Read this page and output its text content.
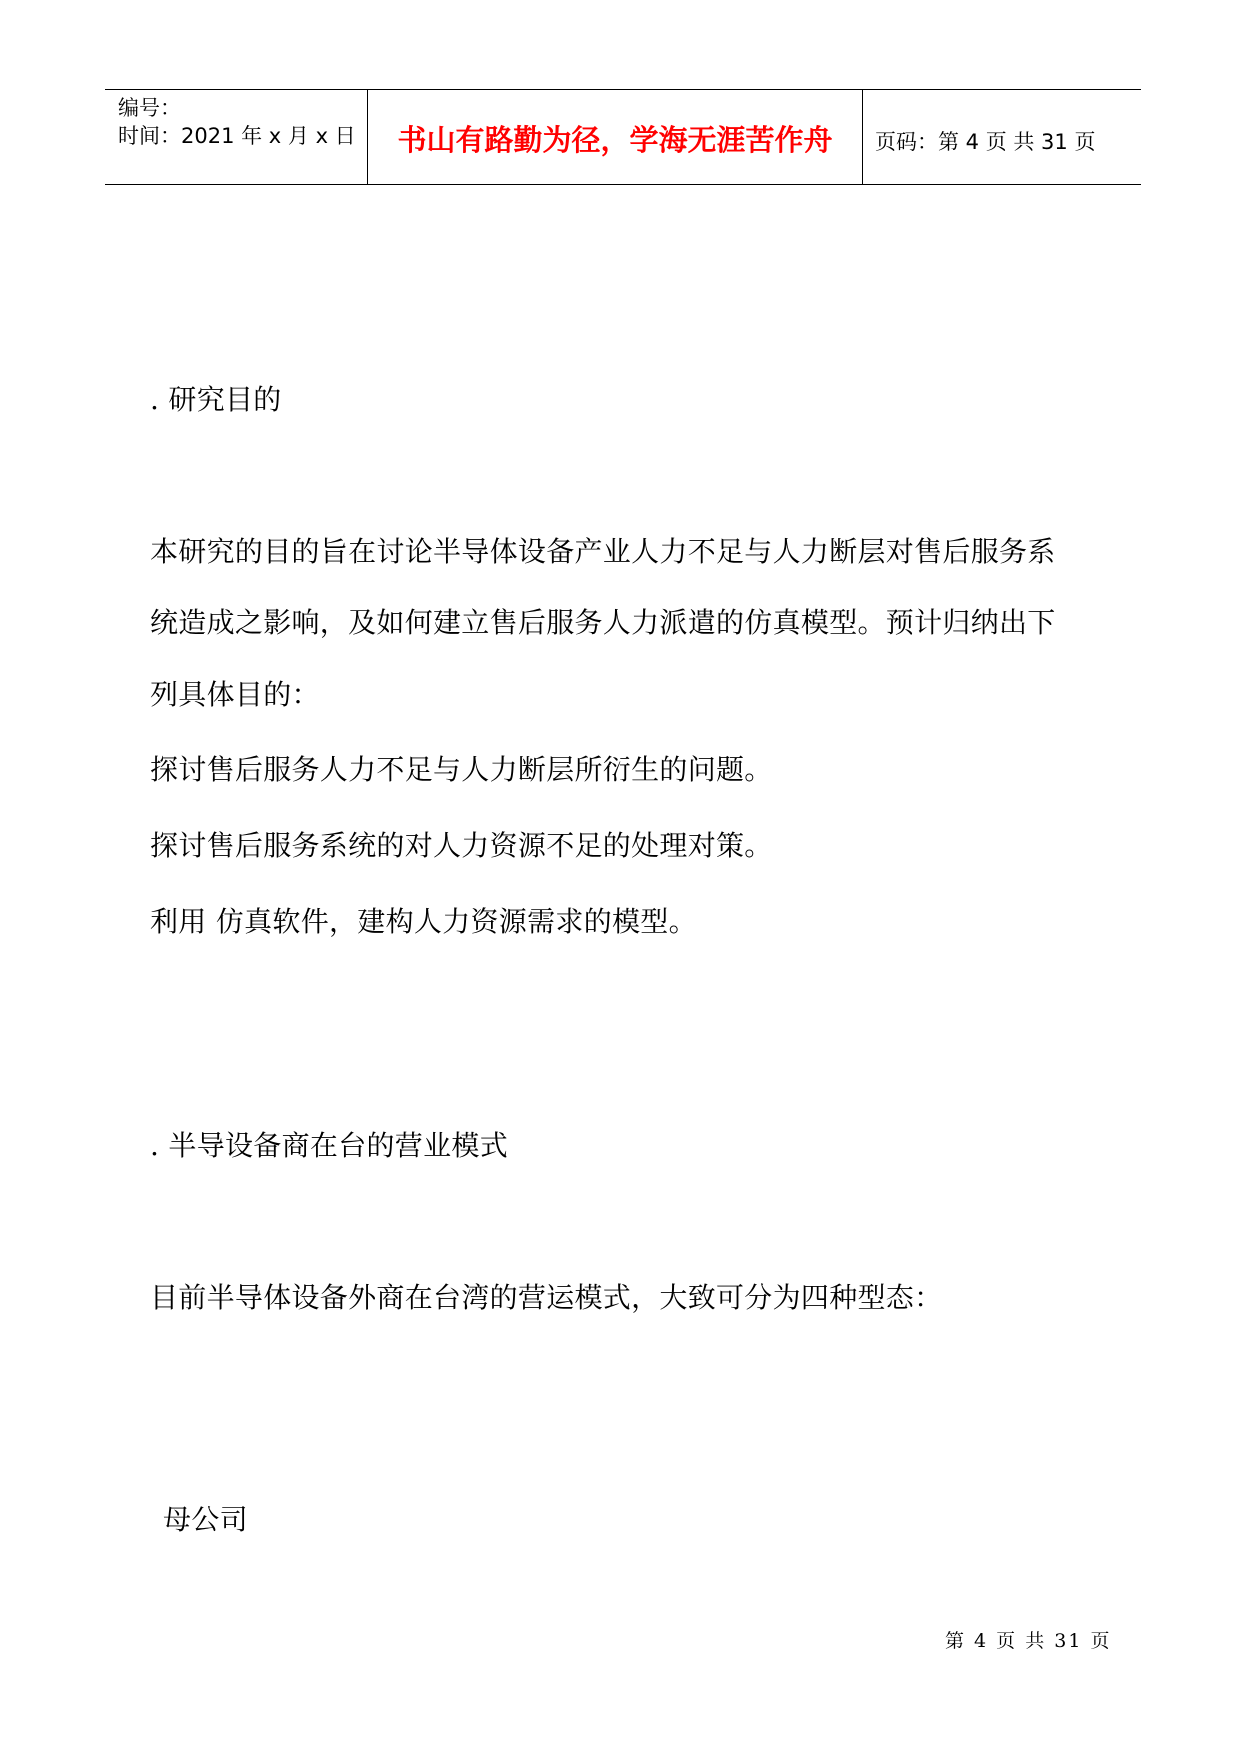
编号：
时间：2021 年 x 月 x 日	书山有路勤为径，学海无涯苦作舟	页码：第 4 页 共 31 页
. 研究目的
本研究的目的旨在讨论半导体设备产业人力不足与人力断层对售后服务系
统造成之影响，及如何建立售后服务人力派遣的仿真模型。预计归纳出下
列具体目的：
探讨售后服务人力不足与人力断层所衍生的问题。
探讨售后服务系统的对人力资源不足的处理对策。
利用 仿真软件，建构人力资源需求的模型。
. 半导设备商在台的营业模式
目前半导体设备外商在台湾的营运模式，大致可分为四种型态：
母公司
第 4 页 共 31 页
